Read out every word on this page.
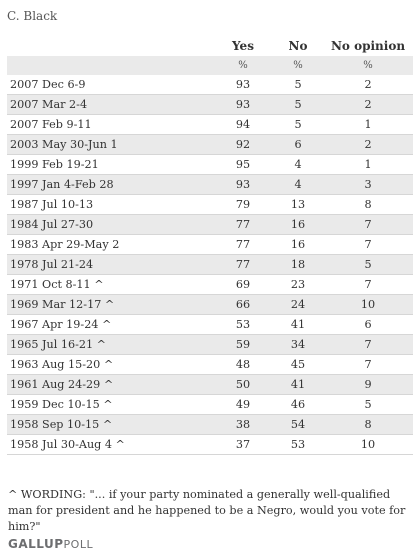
C. Black
	Yes	No	No opinion
	%	%	%
2007 Dec 6-9	93	5	2
2007 Mar 2-4	93	5	2
2007 Feb 9-11	94	5	1
2003 May 30-Jun 1	92	6	2
1999 Feb 19-21	95	4	1
1997 Jan 4-Feb 28	93	4	3
1987 Jul 10-13	79	13	8
1984 Jul 27-30	77	16	7
1983 Apr 29-May 2	77	16	7
1978 Jul 21-24	77	18	5
1971 Oct 8-11 ^	69	23	7
1969 Mar 12-17 ^	66	24	10
1967 Apr 19-24 ^	53	41	6
1965 Jul 16-21 ^	59	34	7
1963 Aug 15-20 ^	48	45	7
1961 Aug 24-29 ^	50	41	9
1959 Dec 10-15 ^	49	46	5
1958 Sep 10-15 ^	38	54	8
1958 Jul 30-Aug 4 ^	37	53	10
^ WORDING: "... if your party nominated a generally well-qualified man for president and he happened to be a Negro, would you vote for him?"
GALLUPPOLL
